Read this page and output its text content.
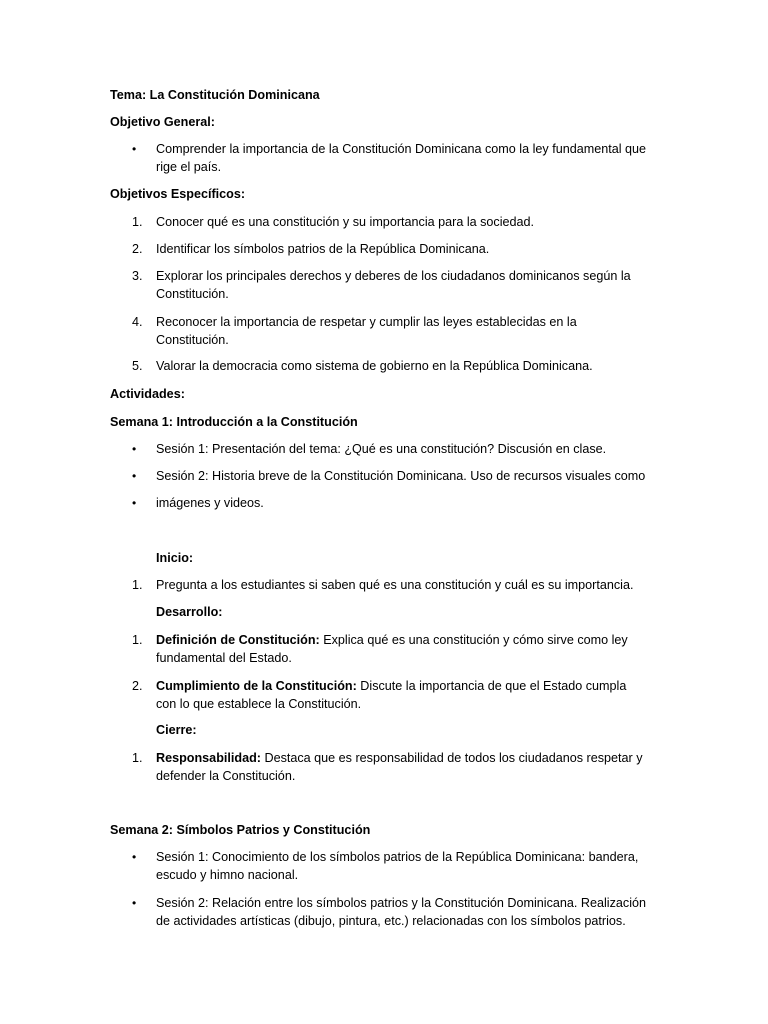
Tema: La Constitución Dominicana
Objetivo General:
• Comprender la importancia de la Constitución Dominicana como la ley fundamental que rige el país.
Objetivos Específicos:
1. Conocer qué es una constitución y su importancia para la sociedad.
2. Identificar los símbolos patrios de la República Dominicana.
3. Explorar los principales derechos y deberes de los ciudadanos dominicanos según la Constitución.
4. Reconocer la importancia de respetar y cumplir las leyes establecidas en la Constitución.
5. Valorar la democracia como sistema de gobierno en la República Dominicana.
Actividades:
Semana 1: Introducción a la Constitución
• Sesión 1: Presentación del tema: ¿Qué es una constitución? Discusión en clase.
• Sesión 2: Historia breve de la Constitución Dominicana. Uso de recursos visuales como
• imágenes y videos.
Inicio:
1. Pregunta a los estudiantes si saben qué es una constitución y cuál es su importancia.
Desarrollo:
1. Definición de Constitución: Explica qué es una constitución y cómo sirve como ley fundamental del Estado.
2. Cumplimiento de la Constitución: Discute la importancia de que el Estado cumpla con lo que establece la Constitución.
Cierre:
1. Responsabilidad: Destaca que es responsabilidad de todos los ciudadanos respetar y defender la Constitución.
Semana 2: Símbolos Patrios y Constitución
• Sesión 1: Conocimiento de los símbolos patrios de la República Dominicana: bandera, escudo y himno nacional.
• Sesión 2: Relación entre los símbolos patrios y la Constitución Dominicana. Realización de actividades artísticas (dibujo, pintura, etc.) relacionadas con los símbolos patrios.
